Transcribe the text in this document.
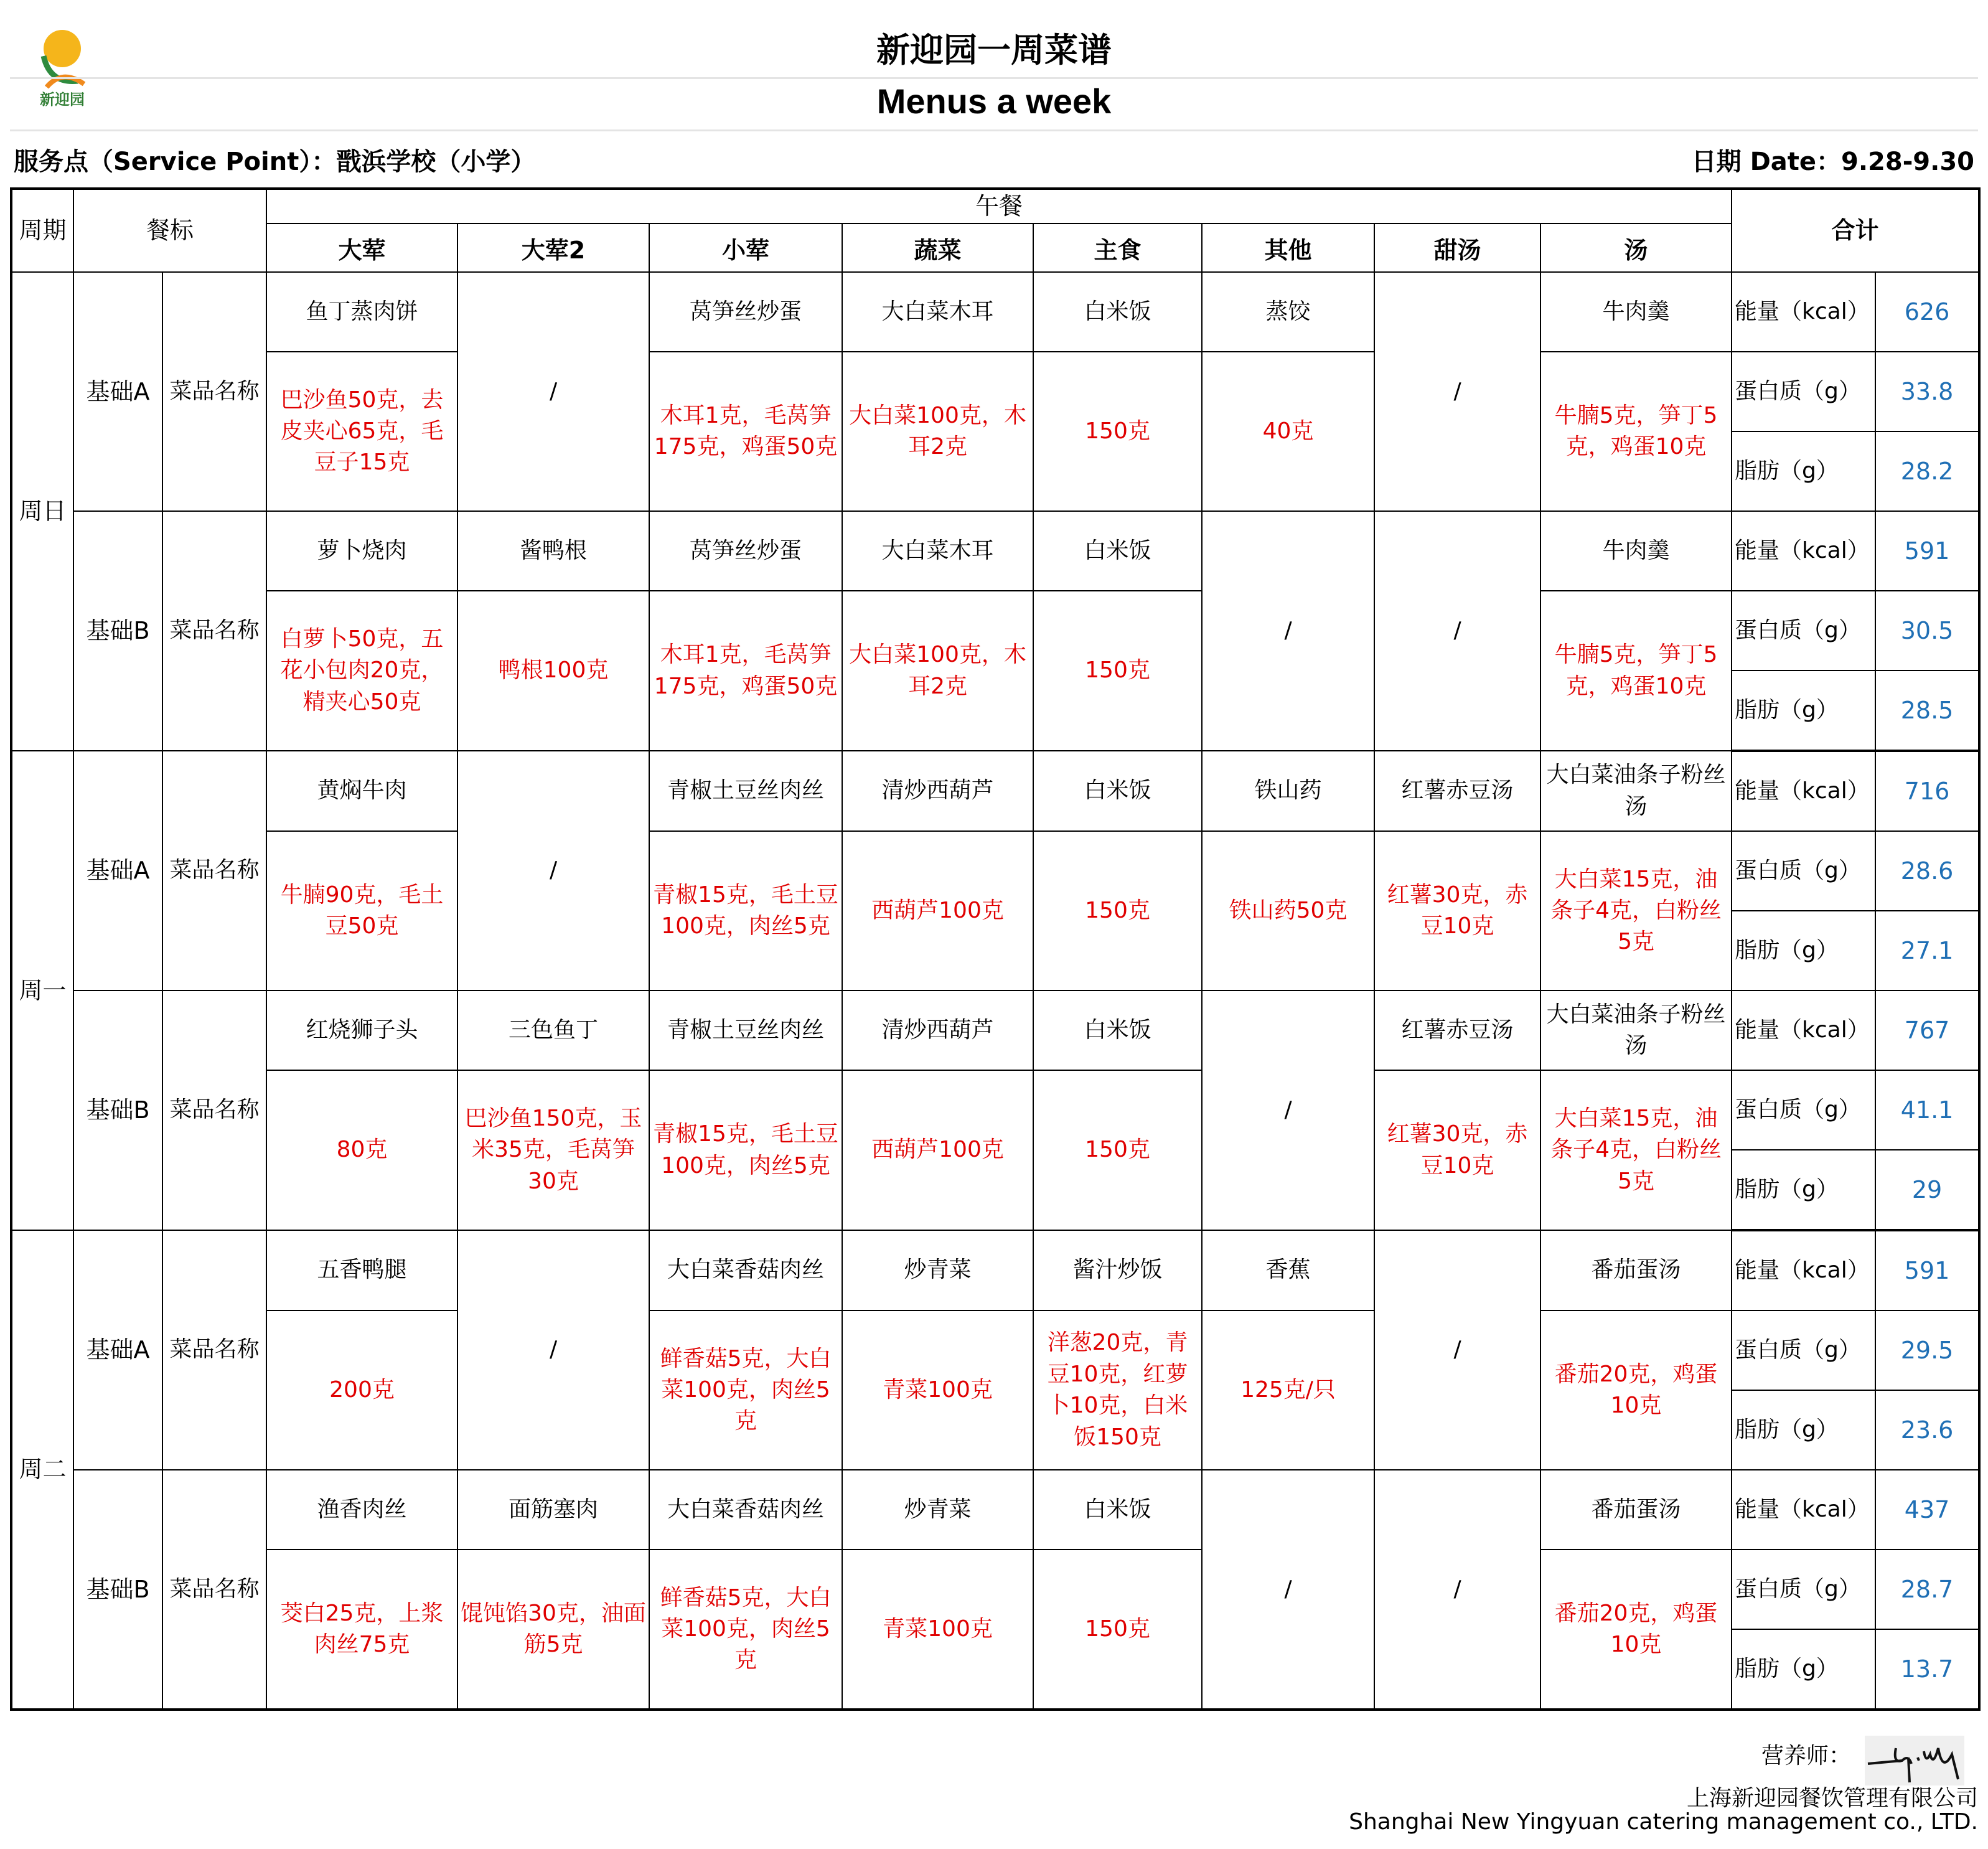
新迎园
新迎园一周菜谱
Menus a week
服务点（Service Point）：戬浜学校（小学）	日期 Date：9.28-9.30
周期	餐标		午餐								合计	
			大荤	大荤2	小荤	蔬菜	主食	其他	甜汤	汤		
周日	基础A	菜品名称	鱼丁蒸肉饼	/	莴笋丝炒蛋	大白菜木耳	白米饭	蒸饺	/	牛肉羹	能量（kcal）	626
			巴沙鱼50克，去皮夹心65克，毛豆子15克		木耳1克，毛莴笋175克，鸡蛋50克	大白菜100克，木耳2克	150克	40克		牛腩5克，笋丁5克，鸡蛋10克	蛋白质（g）	33.8
											脂肪（g）	28.2
	基础B	菜品名称	萝卜烧肉	酱鸭根	莴笋丝炒蛋	大白菜木耳	白米饭	/	/	牛肉羹	能量（kcal）	591
			白萝卜50克，五花小包肉20克，精夹心50克	鸭根100克	木耳1克，毛莴笋175克，鸡蛋50克	大白菜100克，木耳2克	150克			牛腩5克，笋丁5克，鸡蛋10克	蛋白质（g）	30.5
											脂肪（g）	28.5
周一	基础A	菜品名称	黄焖牛肉	/	青椒土豆丝肉丝	清炒西葫芦	白米饭	铁山药	红薯赤豆汤	大白菜油条子粉丝汤	能量（kcal）	716
			牛腩90克，毛土豆50克		青椒15克，毛土豆100克，肉丝5克	西葫芦100克	150克	铁山药50克	红薯30克，赤豆10克	大白菜15克，油条子4克，白粉丝5克	蛋白质（g）	28.6
											脂肪（g）	27.1
	基础B	菜品名称	红烧狮子头	三色鱼丁	青椒土豆丝肉丝	清炒西葫芦	白米饭	/	红薯赤豆汤	大白菜油条子粉丝汤	能量（kcal）	767
			80克	巴沙鱼150克，玉米35克，毛莴笋30克	青椒15克，毛土豆100克，肉丝5克	西葫芦100克	150克		红薯30克，赤豆10克	大白菜15克，油条子4克，白粉丝5克	蛋白质（g）	41.1
											脂肪（g）	29
周二	基础A	菜品名称	五香鸭腿	/	大白菜香菇肉丝	炒青菜	酱汁炒饭	香蕉	/	番茄蛋汤	能量（kcal）	591
			200克		鲜香菇5克，大白菜100克，肉丝5克	青菜100克	洋葱20克，青豆10克，红萝卜10克，白米饭150克	125克/只		番茄20克，鸡蛋10克	蛋白质（g）	29.5
											脂肪（g）	23.6
	基础B	菜品名称	渔香肉丝	面筋塞肉	大白菜香菇肉丝	炒青菜	白米饭	/	/	番茄蛋汤	能量（kcal）	437
			茭白25克，上浆肉丝75克	馄饨馅30克，油面筋5克	鲜香菇5克，大白菜100克，肉丝5克	青菜100克	150克			番茄20克，鸡蛋10克	蛋白质（g）	28.7
											脂肪（g）	13.7
营养师：
上海新迎园餐饮管理有限公司
Shanghai New Yingyuan catering management co., LTD.
